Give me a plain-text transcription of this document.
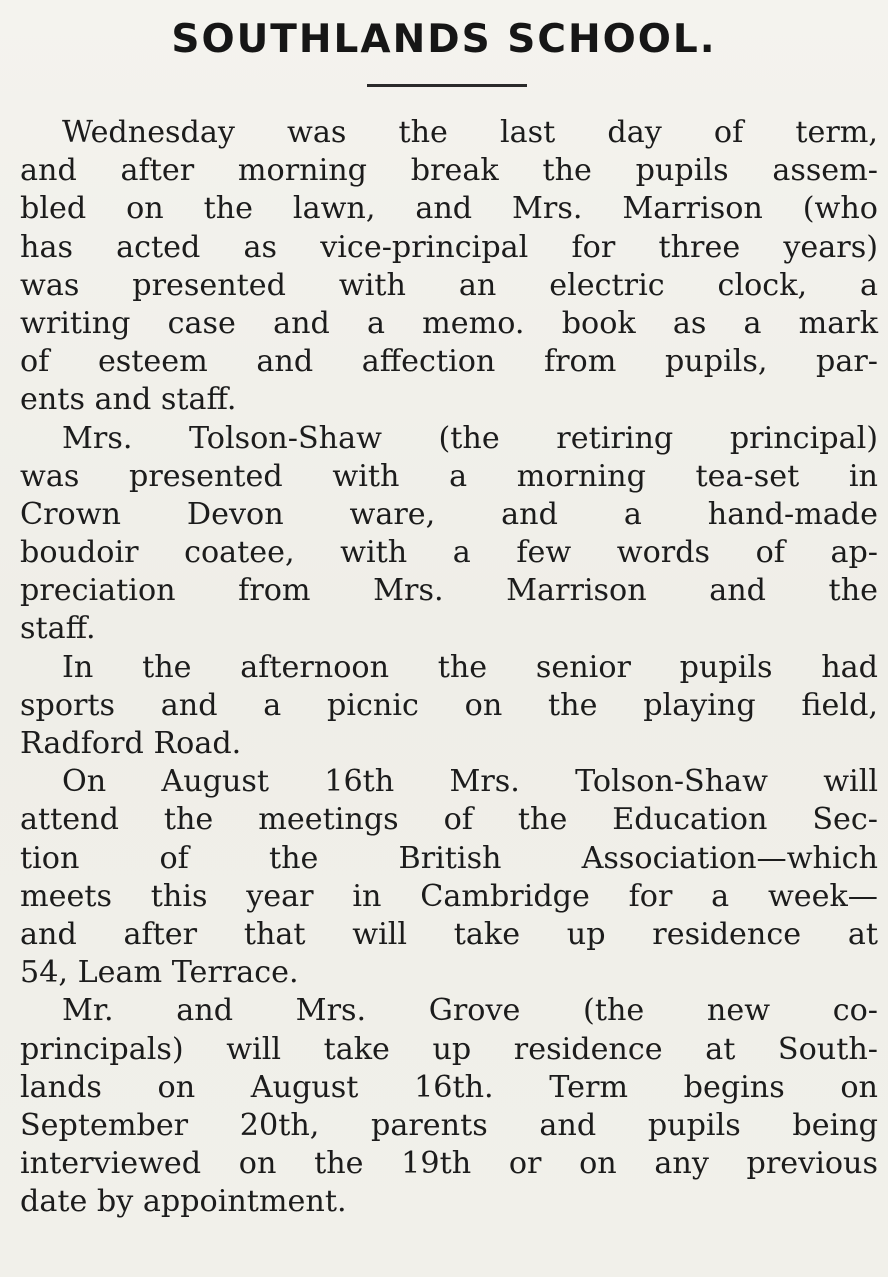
SOUTHLANDS SCHOOL.
Wednesday was the last day of term,
and after morning break the pupils assem-
bled on the lawn, and Mrs. Marrison (who
has acted as vice-principal for three years)
was presented with an electric clock, a
writing case and a memo. book as a mark
of esteem and affection from pupils, par-
ents and staff.
Mrs. Tolson-Shaw (the retiring principal)
was presented with a morning tea-set in
Crown Devon ware, and a hand-made
boudoir coatee, with a few words of ap-
preciation from Mrs. Marrison and the
staff.
In the afternoon the senior pupils had
sports and a picnic on the playing field,
Radford Road.
On August 16th Mrs. Tolson-Shaw will
attend the meetings of the Education Sec-
tion of the British Association—which
meets this year in Cambridge for a week—
and after that will take up residence at
54, Leam Terrace.
Mr. and Mrs. Grove (the new co-
principals) will take up residence at South-
lands on August 16th. Term begins on
September 20th, parents and pupils being
interviewed on the 19th or on any previous
date by appointment.
